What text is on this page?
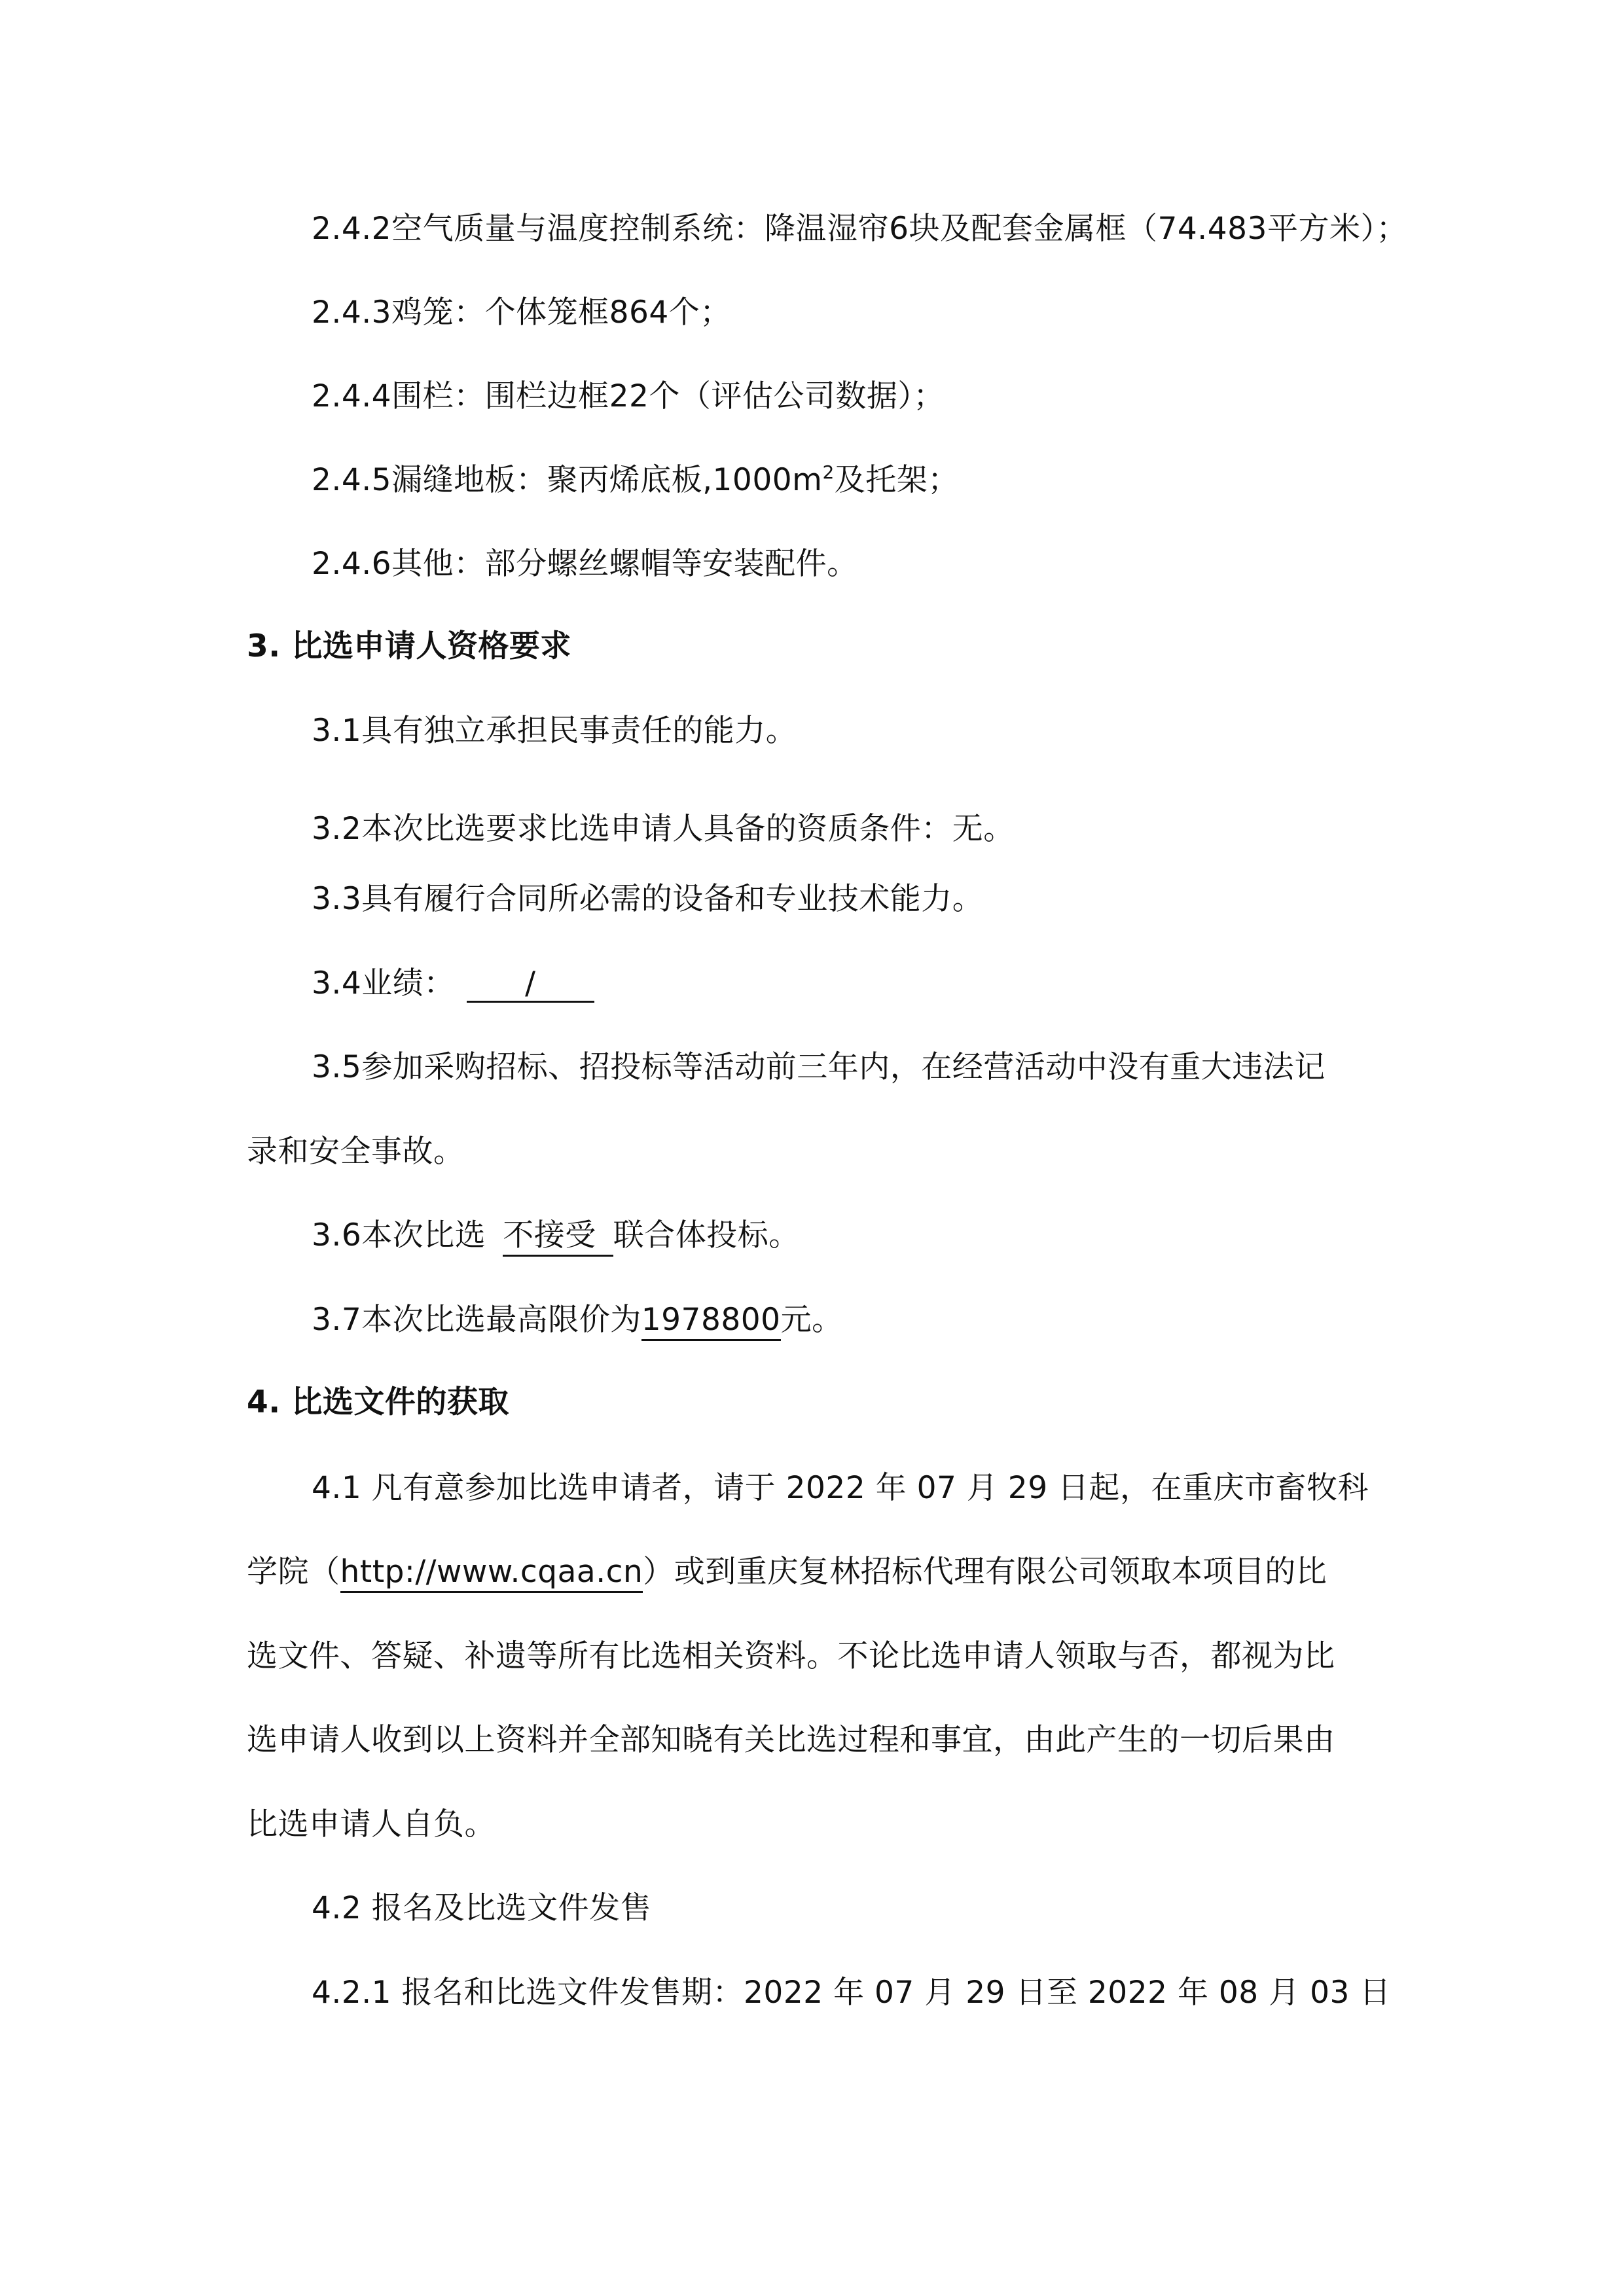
2.4.2空气质量与温度控制系统：降温湿帘6块及配套金属框（74.483平方米）；
2.4.3鸡笼：个体笼框864个；
2.4.4围栏：围栏边框22个（评估公司数据）；
2.4.5漏缝地板：聚丙烯底板$,1000m^2$及托架；
2.4.6其他：部分螺丝螺帽等安装配件。
3. 比选申请人资格要求
3.1具有独立承担民事责任的能力。
3.2本次比选要求比选申请人具备的资质条件：无。
3.3具有履行合同所必需的设备和专业技术能力。
3.4业绩： /
3.5参加采购招标、招投标等活动前三年内，在经营活动中没有重大违法记
录和安全事故。
3.6本次比选 不接受 联合体投标。
3.7本次比选最高限价为1978800元。
4. 比选文件的获取
4.1 凡有意参加比选申请者，请于 2022 年 07 月 29 日起，在重庆市畜牧科
学院（http://www.cqaa.cn）或到重庆复林招标代理有限公司领取本项目的比
选文件、答疑、补遗等所有比选相关资料。不论比选申请人领取与否，都视为比
选申请人收到以上资料并全部知晓有关比选过程和事宜，由此产生的一切后果由
比选申请人自负。
4.2 报名及比选文件发售
4.2.1 报名和比选文件发售期：2022 年 07 月 29 日至 2022 年 08 月 03 日
